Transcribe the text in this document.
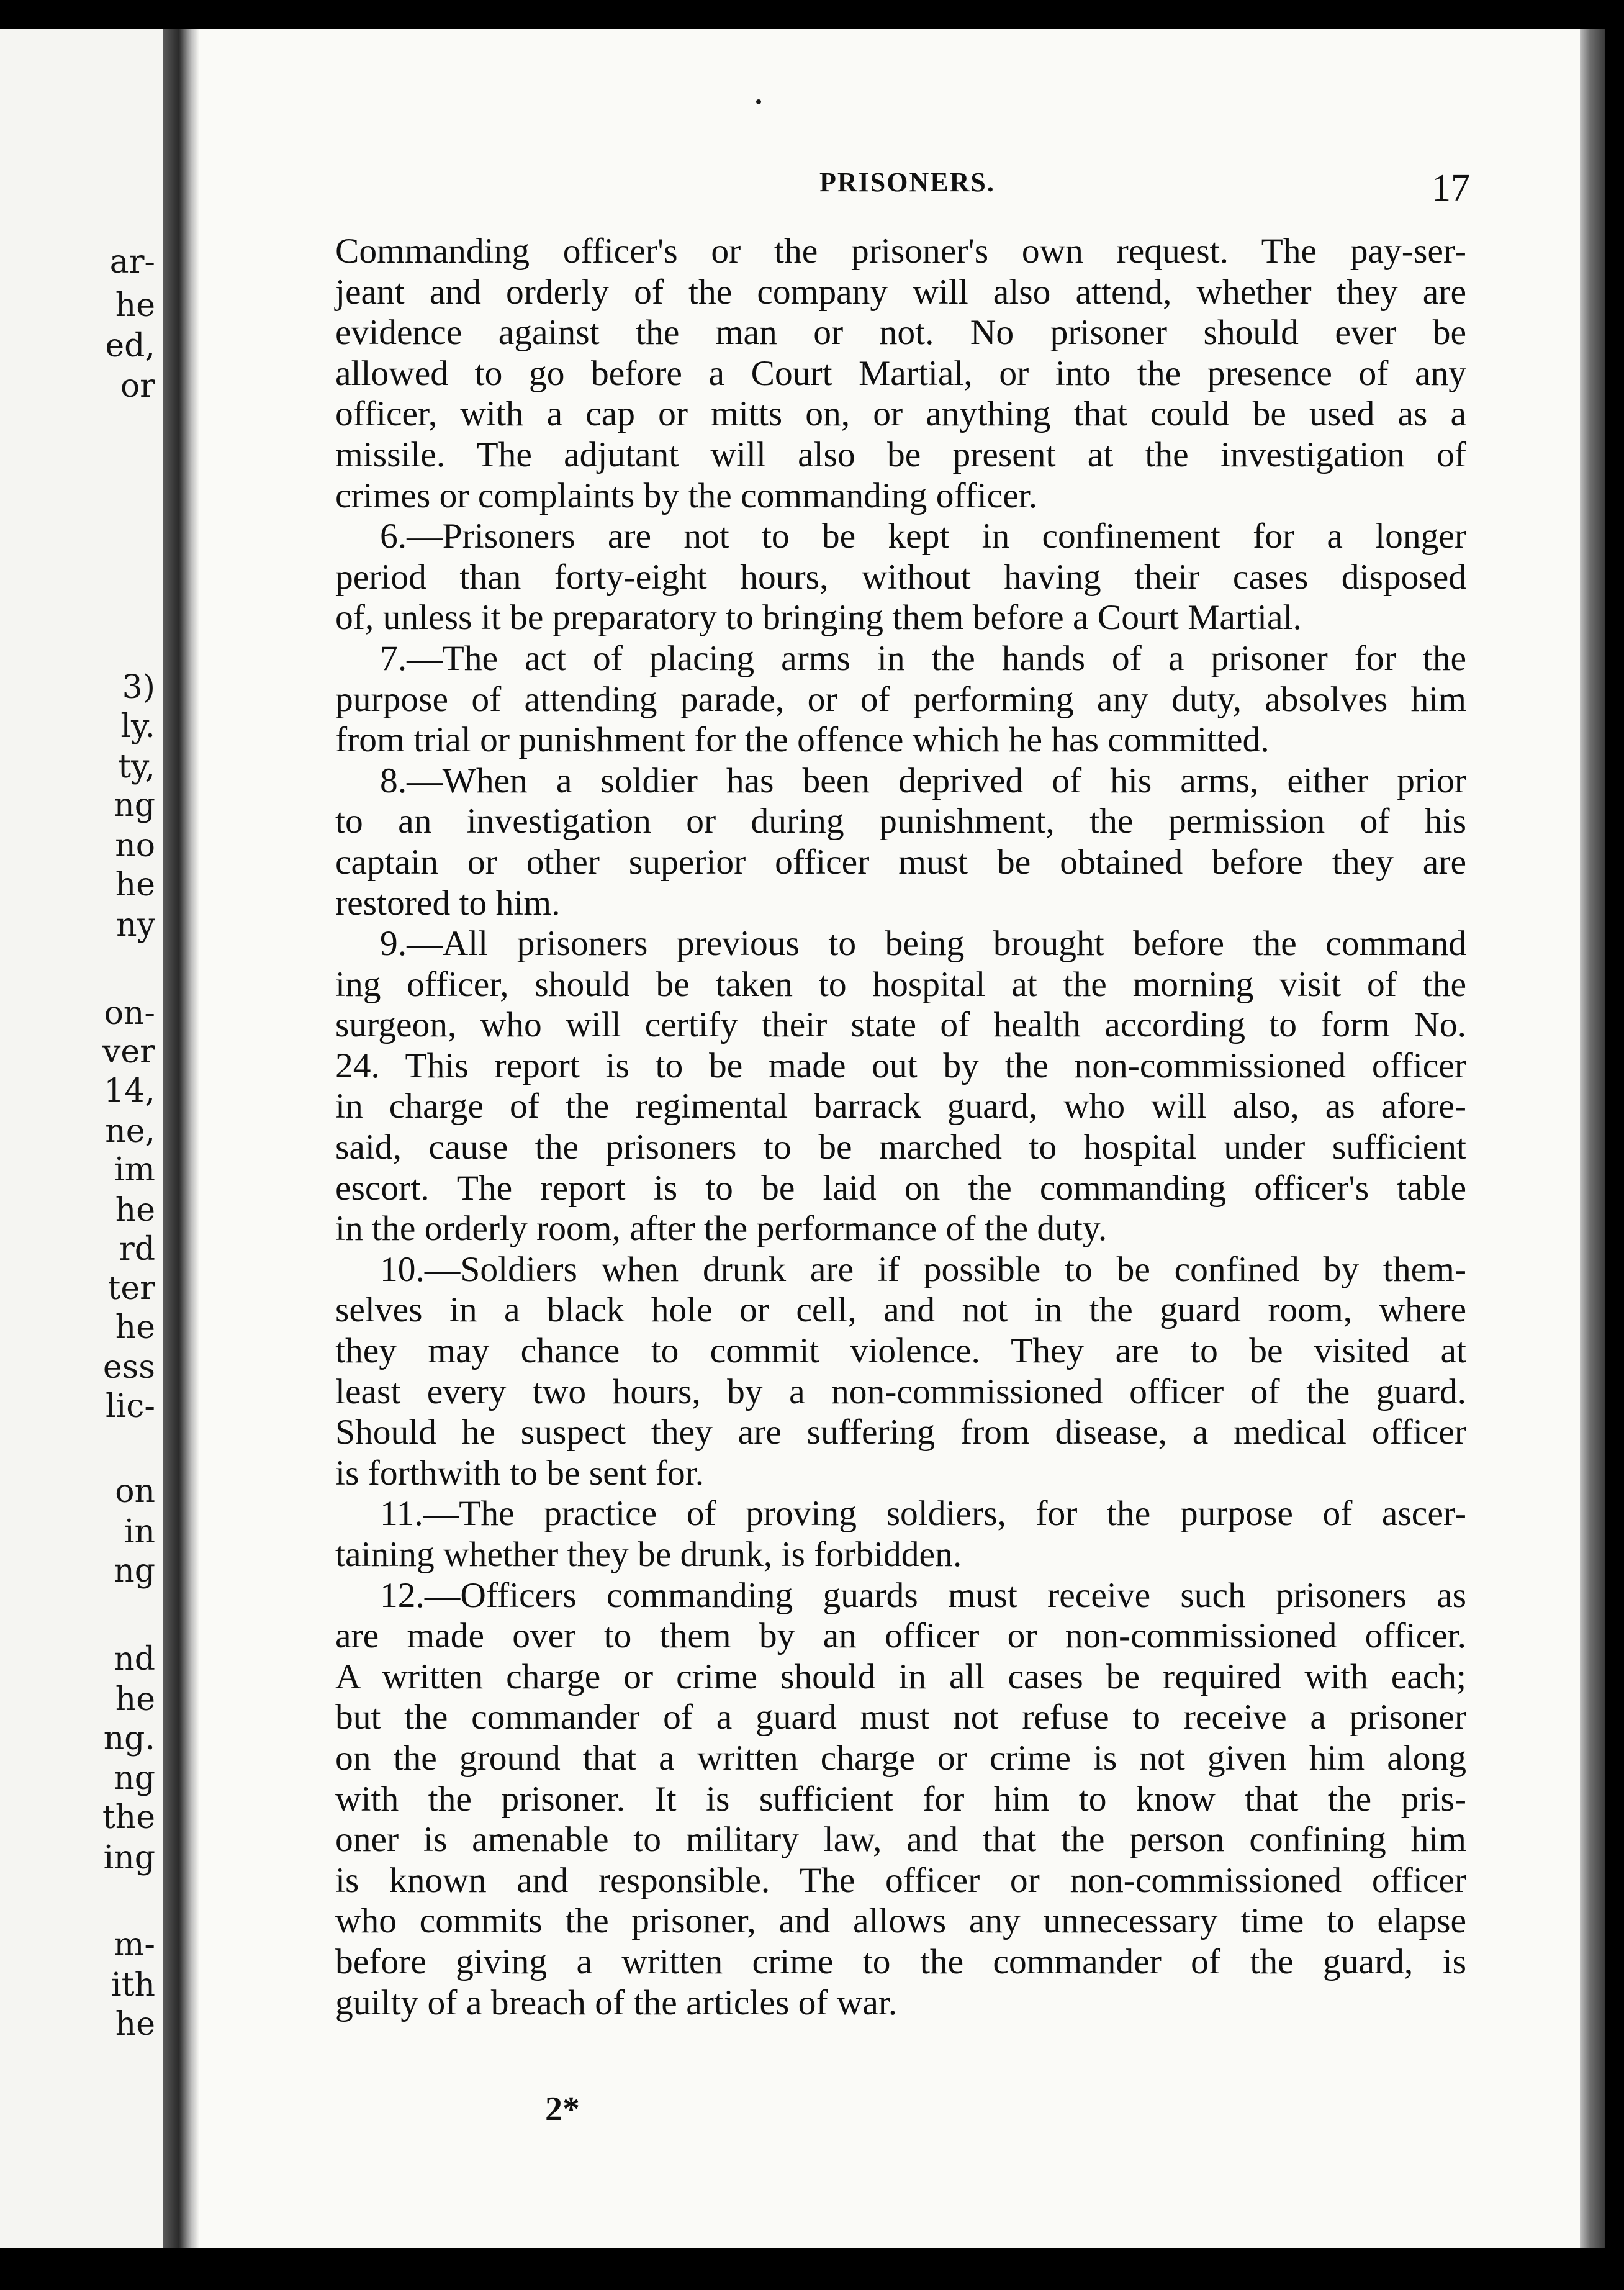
ar-
he
ed,
or
3)
ly.
ty,
ng
no
he
ny
on-
ver
14,
ne,
im
he
rd
ter
he
ess
lic-
on
in
ng
nd
he
ng.
ng
the
ing
m-
ith
he
PRISONERS.	17
Commanding officer's or the prisoner's own request. The pay-ser-
jeant and orderly of the company will also attend, whether they are
evidence against the man or not. No prisoner should ever be
allowed to go before a Court Martial, or into the presence of any
officer, with a cap or mitts on, or anything that could be used as a
missile. The adjutant will also be present at the investigation of
crimes or complaints by the commanding officer.
6.—Prisoners are not to be kept in confinement for a longer
period than forty-eight hours, without having their cases disposed
of, unless it be preparatory to bringing them before a Court Martial.
7.—The act of placing arms in the hands of a prisoner for the
purpose of attending parade, or of performing any duty, absolves him
from trial or punishment for the offence which he has committed.
8.—When a soldier has been deprived of his arms, either prior
to an investigation or during punishment, the permission of his
captain or other superior officer must be obtained before they are
restored to him.
9.—All prisoners previous to being brought before the command
ing officer, should be taken to hospital at the morning visit of the
surgeon, who will certify their state of health according to form No.
24. This report is to be made out by the non-commissioned officer
in charge of the regimental barrack guard, who will also, as afore-
said, cause the prisoners to be marched to hospital under sufficient
escort. The report is to be laid on the commanding officer's table
in the orderly room, after the performance of the duty.
10.—Soldiers when drunk are if possible to be confined by them-
selves in a black hole or cell, and not in the guard room, where
they may chance to commit violence. They are to be visited at
least every two hours, by a non-commissioned officer of the guard.
Should he suspect they are suffering from disease, a medical officer
is forthwith to be sent for.
11.—The practice of proving soldiers, for the purpose of ascer-
taining whether they be drunk, is forbidden.
12.—Officers commanding guards must receive such prisoners as
are made over to them by an officer or non-commissioned officer.
A written charge or crime should in all cases be required with each;
but the commander of a guard must not refuse to receive a prisoner
on the ground that a written charge or crime is not given him along
with the prisoner. It is sufficient for him to know that the pris-
oner is amenable to military law, and that the person confining him
is known and responsible. The officer or non-commissioned officer
who commits the prisoner, and allows any unnecessary time to elapse
before giving a written crime to the commander of the guard, is
guilty of a breach of the articles of war.
2*
